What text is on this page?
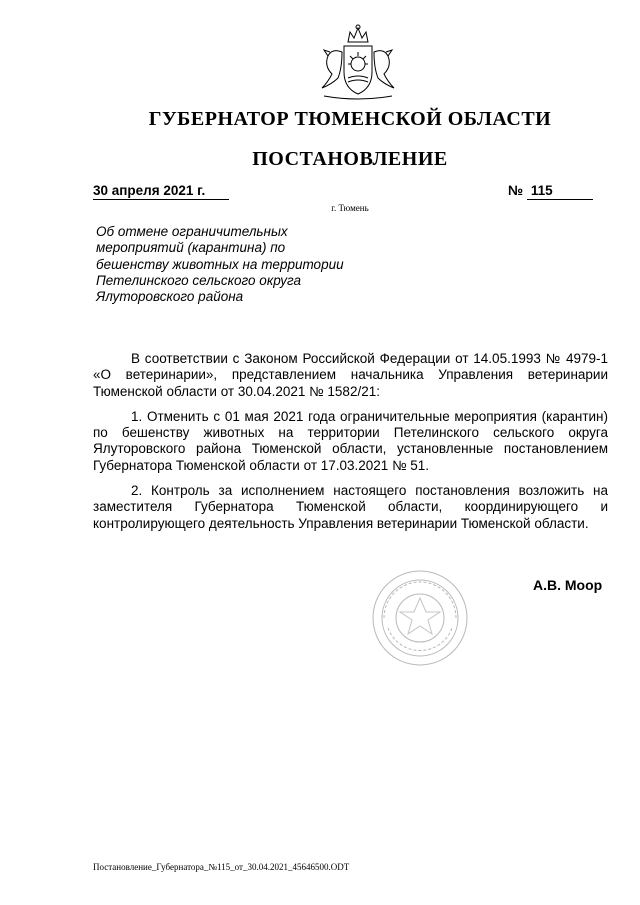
ГУБЕРНАТОР ТЮМЕНСКОЙ ОБЛАСТИ
ПОСТАНОВЛЕНИЕ
30 апреля 2021 г.	№ 115
г. Тюмень
Об отмене ограничительных
мероприятий (карантина) по
бешенству животных на территории
Петелинского сельского округа
Ялуторовского района

В соответствии с Законом Российской Федерации от 14.05.1993 № 4979-1 «О ветеринарии», представлением начальника Управления ветеринарии Тюменской области от 30.04.2021 № 1582/21:

1. Отменить с 01 мая 2021 года ограничительные мероприятия (карантин) по бешенству животных на территории Петелинского сельского округа Ялуторовского района Тюменской области, установленные постановлением Губернатора Тюменской области от 17.03.2021 № 51.

2. Контроль за исполнением настоящего постановления возложить на заместителя Губернатора Тюменской области, координирующего и контролирующего деятельность Управления ветеринарии Тюменской области.

А.В. Моор
Постановление_Губернатора_№115_от_30.04.2021_45646500.ODT
